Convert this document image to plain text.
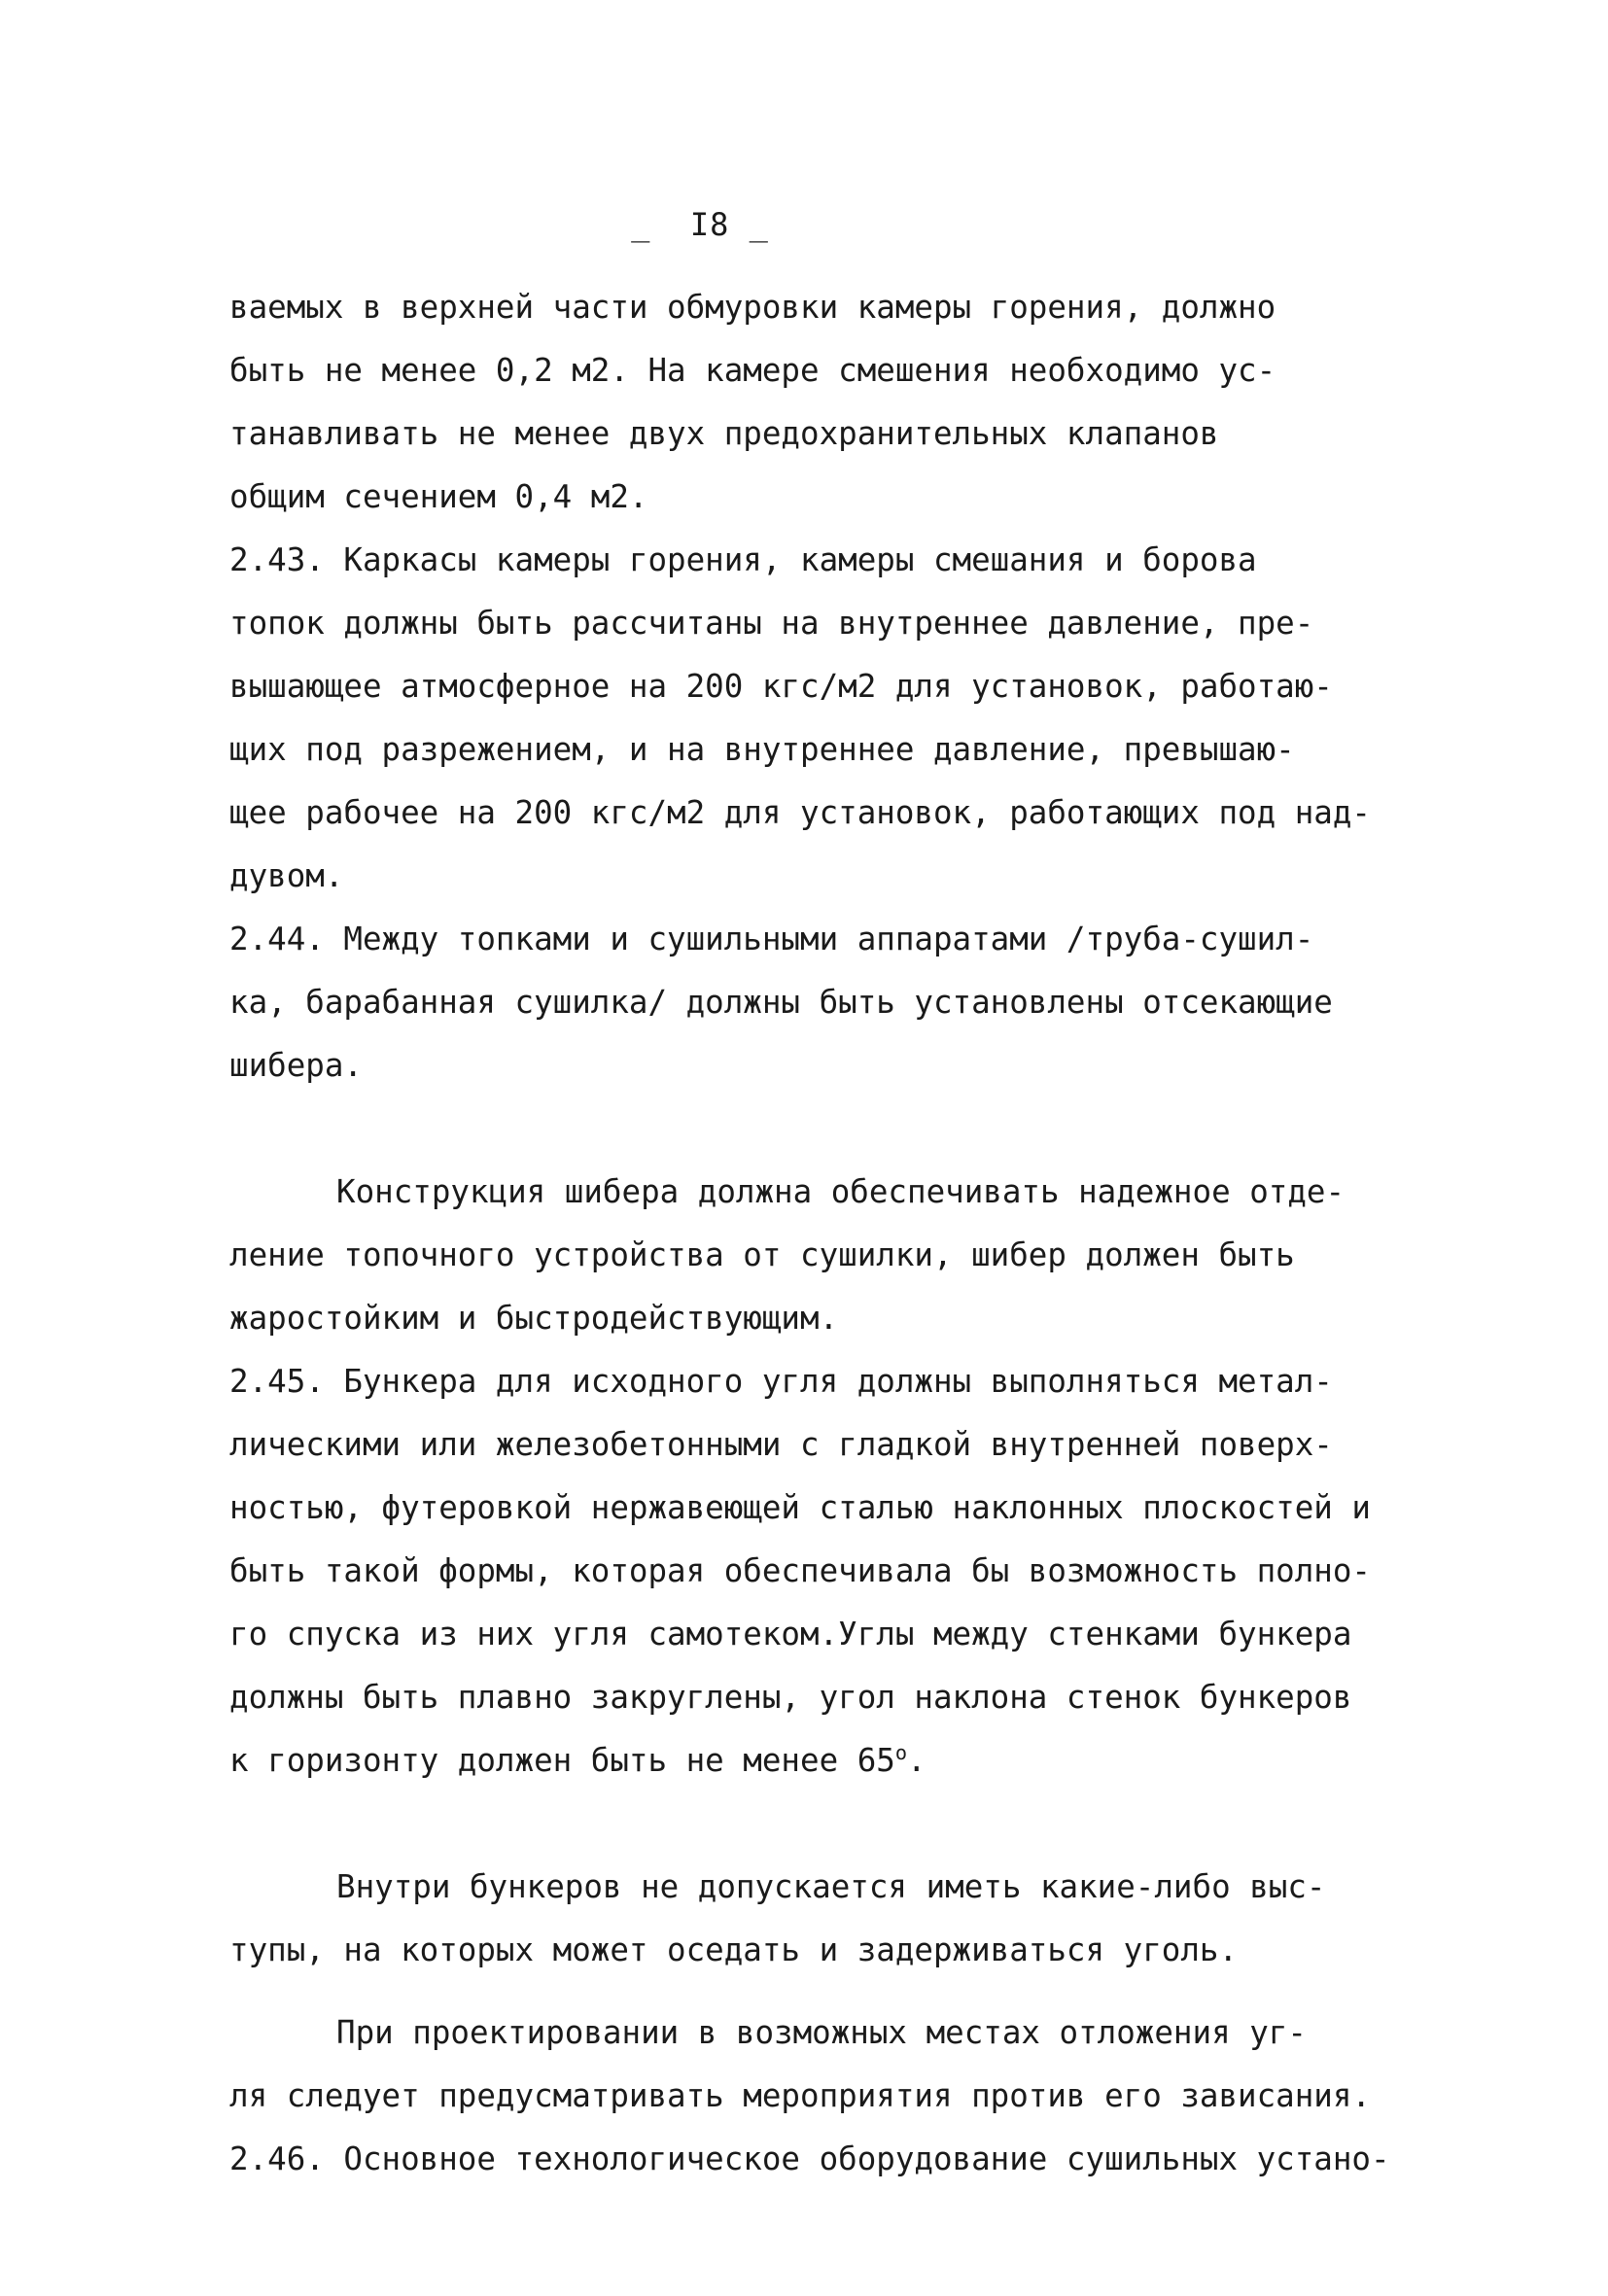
_  I8 _
ваемых в верхней части обмуровки камеры горения, должно
быть не менее 0,2 м2. На камере смешения необходимо ус-
танавливать не менее двух предохранительных клапанов
общим сечением 0,4 м2.
2.43. Каркасы камеры горения, камеры смешания и борова
топок должны быть рассчитаны на внутреннее давление, пре-
вышающее атмосферное на 200 кгс/м2 для установок, работаю-
щих под разрежением, и на внутреннее давление, превышаю-
щее рабочее на 200 кгс/м2 для установок, работающих под над-
дувом.
2.44. Между топками и сушильными аппаратами /труба-сушил-
ка, барабанная сушилка/ должны быть установлены отсекающие
шибера.
Конструкция шибера должна обеспечивать надежное отде-
ление топочного устройства от сушилки, шибер должен быть
жаростойким и быстродействующим.
2.45. Бункера для исходного угля должны выполняться метал-
лическими или железобетонными с гладкой внутренней поверх-
ностью, футеровкой нержавеющей сталью наклонных плоскостей и
быть такой формы, которая обеспечивала бы возможность полно-
го спуска из них угля самотеком.Углы между стенками бункера
должны быть плавно закруглены, угол наклона стенок бункеров
к горизонту должен быть не менее $65^о$.
Внутри бункеров не допускается иметь какие-либо выс-
тупы, на которых может оседать и задерживаться уголь.
При проектировании в возможных местах отложения уг-
ля следует предусматривать мероприятия против его зависания.
2.46. Основное технологическое оборудование сушильных устано-
